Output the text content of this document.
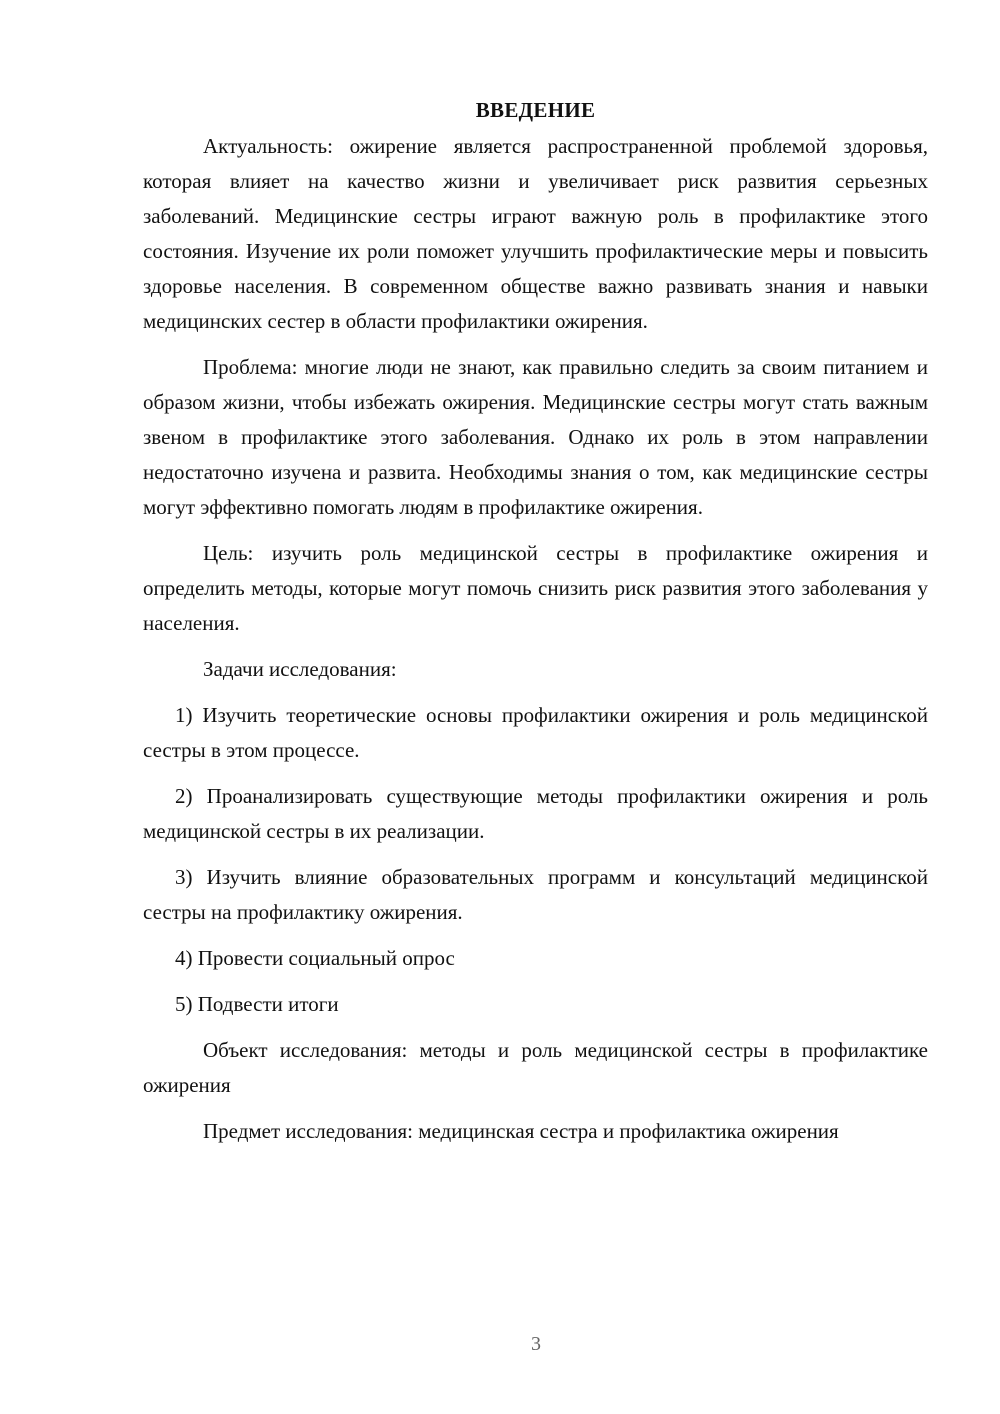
ВВЕДЕНИЕ

Актуальность: ожирение является распространенной проблемой здоровья, которая влияет на качество жизни и увеличивает риск развития серьезных заболеваний. Медицинские сестры играют важную роль в профилактике этого состояния. Изучение их роли поможет улучшить профилактические меры и повысить здоровье населения. В современном обществе важно развивать знания и навыки медицинских сестер в области профилактики ожирения.

Проблема: многие люди не знают, как правильно следить за своим питанием и образом жизни, чтобы избежать ожирения. Медицинские сестры могут стать важным звеном в профилактике этого заболевания. Однако их роль в этом направлении недостаточно изучена и развита. Необходимы знания о том, как медицинские сестры могут эффективно помогать людям в профилактике ожирения.

Цель: изучить роль медицинской сестры в профилактике ожирения и определить методы, которые могут помочь снизить риск развития этого заболевания у населения.

Задачи исследования:

1) Изучить теоретические основы профилактики ожирения и роль медицинской сестры в этом процессе.

2) Проанализировать существующие методы профилактики ожирения и роль медицинской сестры в их реализации.

3) Изучить влияние образовательных программ и консультаций медицинской сестры на профилактику ожирения.

4) Провести социальный опрос

5) Подвести итоги

Объект исследования: методы и роль медицинской сестры в профилактике ожирения

Предмет исследования: медицинская сестра и профилактика ожирения

3
